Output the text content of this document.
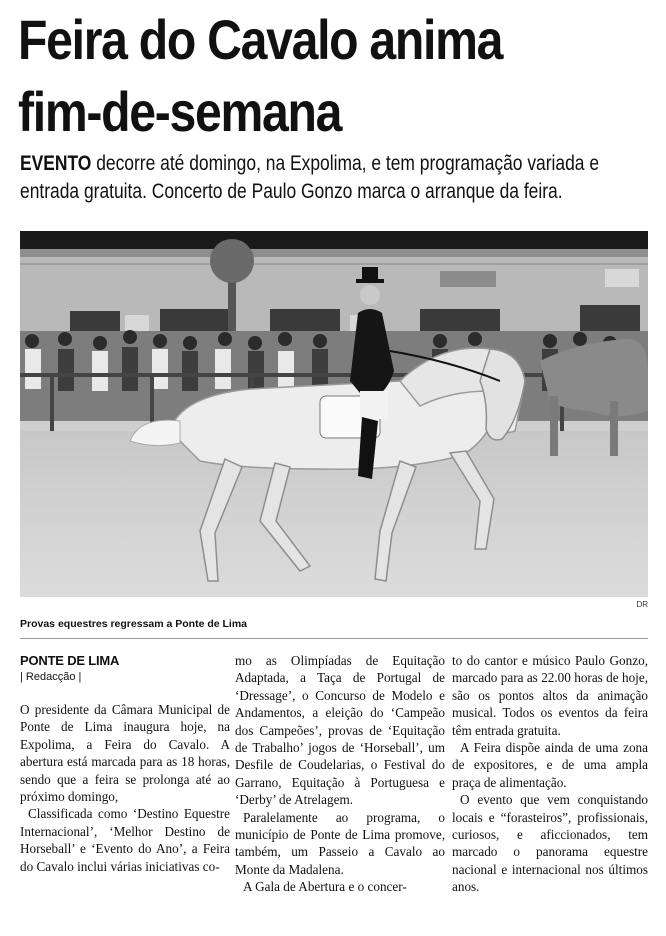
Feira do Cavalo anima
fim-de-semana
EVENTO decorre até domingo, na Expolima, e tem programação variada e entrada gratuita. Concerto de Paulo Gonzo marca o arranque da feira.
DR
Provas equestres regressam a Ponte de Lima
PONTE DE LIMA
| Redacção |

O presidente da Câmara Municipal de Ponte de Lima inaugura hoje, na Expolima, a Feira do Cavalo. A abertura está marcada para as 18 horas, sendo que a feira se prolonga até ao próximo domingo,

Classificada como ‘Destino Equestre Internacional’, ‘Melhor Destino de Horseball’ e ‘Evento do Ano’, a Feira do Cavalo inclui várias iniciativas co-

mo as Olimpíadas de Equitação Adaptada, a Taça de Portugal de ‘Dressage’, o Concurso de Modelo e Andamentos, a eleição do ‘Campeão dos Campeões’, provas de ‘Equitação de Trabalho’ jogos de ‘Horseball’, um Desfile de Coudelarias, o Festival do Garrano, Equitação à Portuguesa e ‘Derby’ de Atrelagem.

Paralelamente ao programa, o município de Ponte de Lima promove, também, um Passeio a Cavalo ao Monte da Madalena.

A Gala de Abertura e o concer-

to do cantor e músico Paulo Gonzo, marcado para as 22.00 horas de hoje, são os pontos altos da animação musical. Todos os eventos da feira têm entrada gratuita.

A Feira dispõe ainda de uma zona de expositores, e de uma ampla praça de alimentação.

O evento que vem conquistando locais e “forasteiros”, profissionais, curiosos, e aficcionados, tem marcado o panorama equestre nacional e internacional nos últimos anos.
